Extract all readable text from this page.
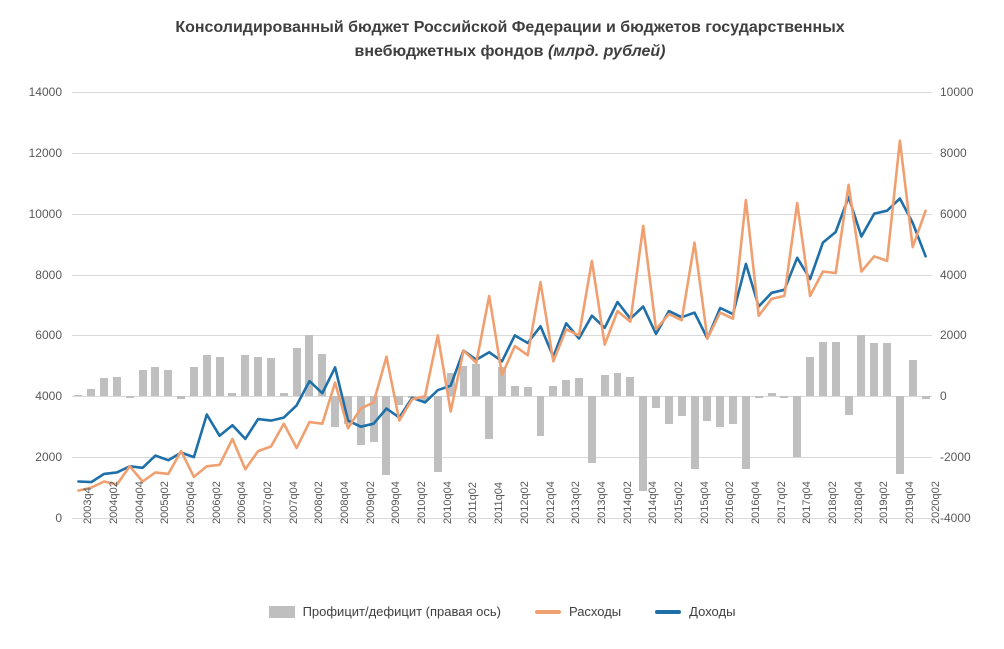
Консолидированный бюджет Российской Федерации и бюджетов государственных внебюджетных фондов (млрд. рублей)
0
2000
4000
6000
8000
10000
12000
14000
-4000
-2000
0
2000
4000
6000
8000
10000
2003q4 2004q02 2004q04 2005q02 2005q04 2006q02 2006q04 2007q02 2007q04 2008q02 2008q04 2009q02 2009q04 2010q02 2010q04 2011q02 2011q04 2012q02 2012q04 2013q02 2013q04 2014q02 2014q04 2015q02 2015q04 2016q02 2016q04 2017q02 2017q04 2018q02 2018q04 2019q02 2019q04 2020q02
Профицит/дефицит (правая ось)	Расходы	Доходы
